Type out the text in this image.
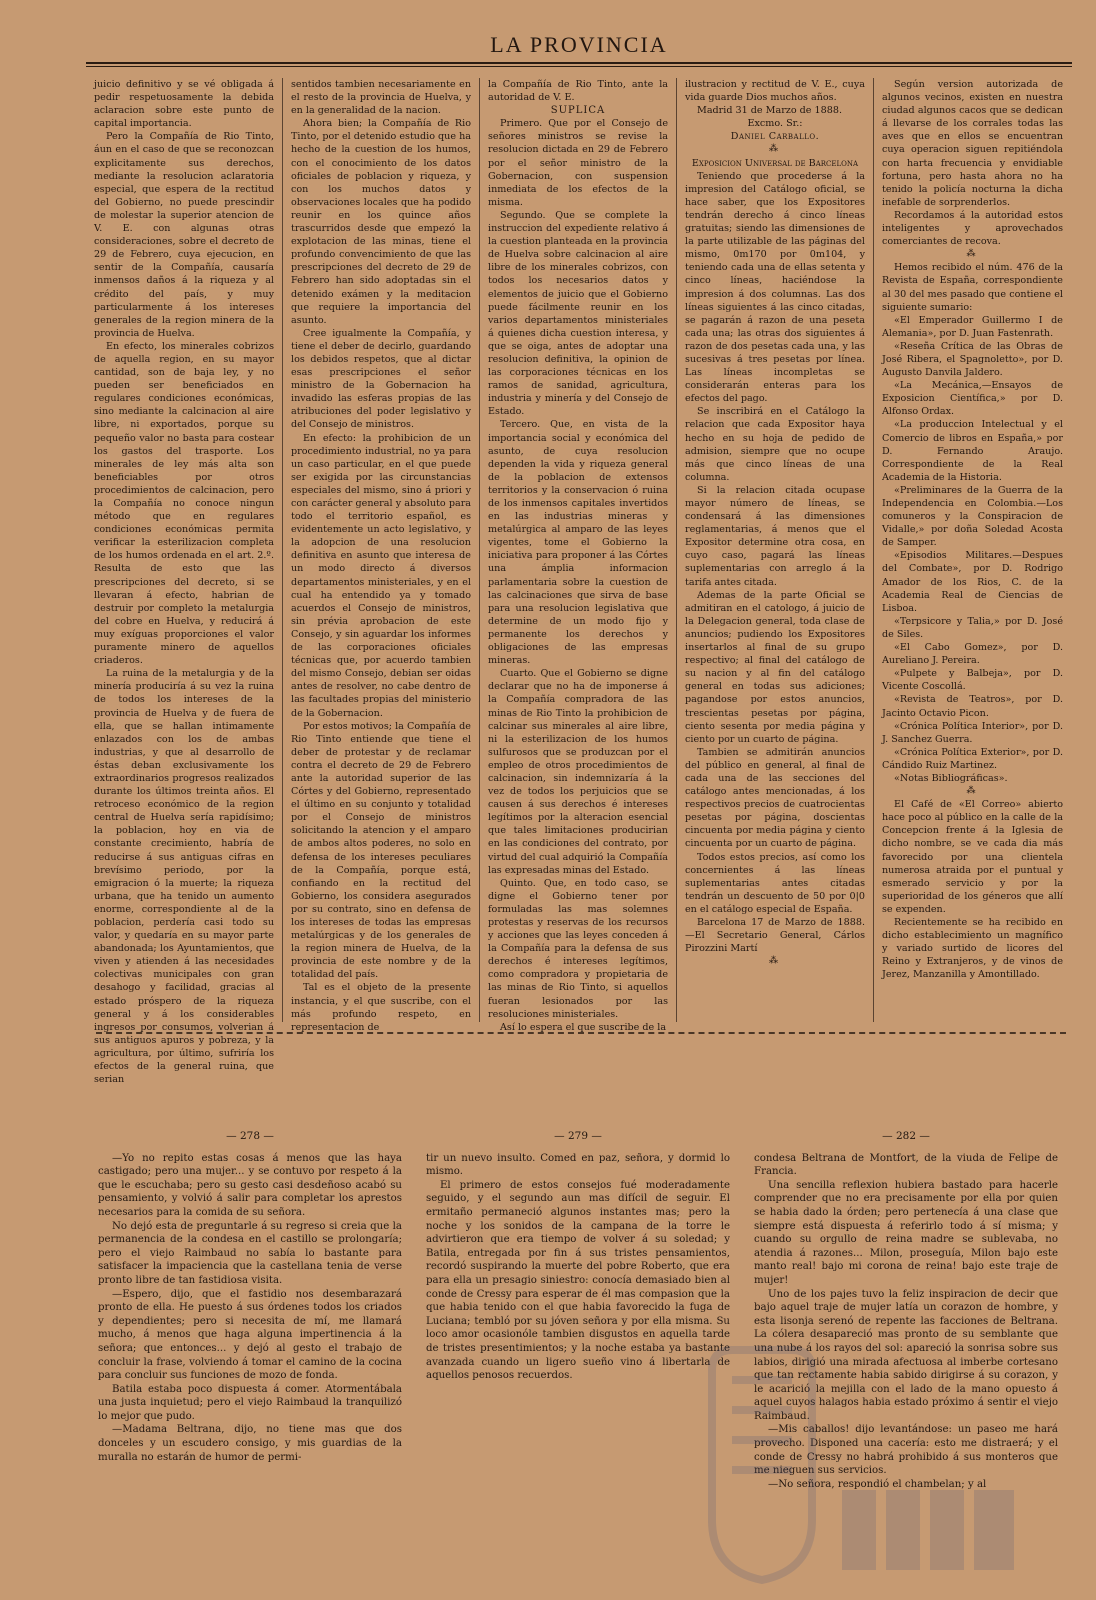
LA PROVINCIA

juicio definitivo y se vé obligada á pedir respetuosamente la debida aclaracion sobre este punto de capital importancia.

Pero la Compañía de Rio Tinto, áun en el caso de que se reconozcan explicitamente sus derechos, mediante la resolucion aclaratoria especial, que espera de la rectitud del Gobierno, no puede prescindir de molestar la superior atencion de V. E. con algunas otras consideraciones, sobre el decreto de 29 de Febrero, cuya ejecucion, en sentir de la Compañía, causaría inmensos daños á la riqueza y al crédito del país, y muy particularmente á los intereses generales de la region minera de la provincia de Huelva.

En efecto, los minerales cobrizos de aquella region, en su mayor cantidad, son de baja ley, y no pueden ser beneficiados en regulares condiciones económicas, sino mediante la calcinacion al aire libre, ni exportados, porque su pequeño valor no basta para costear los gastos del trasporte. Los minerales de ley más alta son beneficiables por otros procedimientos de calcinacion, pero la Compañía no conoce ningun método que en regulares condiciones económicas permita verificar la esterilizacion completa de los humos ordenada en el art. 2.º. Resulta de esto que las prescripciones del decreto, si se llevaran á efecto, habrian de destruir por completo la metalurgia del cobre en Huelva, y reducirá á muy exíguas proporciones el valor puramente minero de aquellos criaderos.

La ruina de la metalurgia y de la minería produciría á su vez la ruina de todos los intereses de la provincia de Huelva y de fuera de ella, que se hallan intimamente enlazados con los de ambas industrias, y que al desarrollo de éstas deban exclusivamente los extraordinarios progresos realizados durante los últimos treinta años. El retroceso económico de la region central de Huelva sería rapidísimo; la poblacion, hoy en via de constante crecimiento, habría de reducirse á sus antiguas cifras en brevísimo periodo, por la emigracion ó la muerte; la riqueza urbana, que ha tenido un aumento enorme, correspondiente al de la poblacion, perdería casi todo su valor, y quedaría en su mayor parte abandonada; los Ayuntamientos, que viven y atienden á las necesidades colectivas municipales con gran desahogo y facilidad, gracias al estado próspero de la riqueza general y á los considerables ingresos por consumos, volverian á sus antiguos apuros y pobreza, y la agricultura, por último, sufriría los efectos de la general ruina, que serian

sentidos tambien necesariamente en el resto de la provincia de Huelva, y en la generalidad de la nacion.

Ahora bien; la Compañía de Rio Tinto, por el detenido estudio que ha hecho de la cuestion de los humos, con el conocimiento de los datos oficiales de poblacion y riqueza, y con los muchos datos y observaciones locales que ha podido reunir en los quince años trascurridos desde que empezó la explotacion de las minas, tiene el profundo convencimiento de que las prescripciones del decreto de 29 de Febrero han sido adoptadas sin el detenido exámen y la meditacion que requiere la importancia del asunto.

Cree igualmente la Compañía, y tiene el deber de decirlo, guardando los debidos respetos, que al dictar esas prescripciones el señor ministro de la Gobernacion ha invadido las esferas propias de las atribuciones del poder legislativo y del Consejo de ministros.

En efecto: la prohibicion de un procedimiento industrial, no ya para un caso particular, en el que puede ser exigida por las circunstancias especiales del mismo, sino á priori y con carácter general y absoluto para todo el territorio español, es evidentemente un acto legislativo, y la adopcion de una resolucion definitiva en asunto que interesa de un modo directo á diversos departamentos ministeriales, y en el cual ha entendido ya y tomado acuerdos el Consejo de ministros, sin prévia aprobacion de este Consejo, y sin aguardar los informes de las corporaciones oficiales técnicas que, por acuerdo tambien del mismo Consejo, debian ser oidas antes de resolver, no cabe dentro de las facultades propias del ministerio de la Gobernacion.

Por estos motivos; la Compañía de Rio Tinto entiende que tiene el deber de protestar y de reclamar contra el decreto de 29 de Febrero ante la autoridad superior de las Córtes y del Gobierno, representado el último en su conjunto y totalidad por el Consejo de ministros solicitando la atencion y el amparo de ambos altos poderes, no solo en defensa de los intereses peculiares de la Compañía, porque está, confiando en la rectitud del Gobierno, los considera asegurados por su contrato, sino en defensa de los intereses de todas las empresas metalúrgicas y de los generales de la region minera de Huelva, de la provincia de este nombre y de la totalidad del país.

Tal es el objeto de la presente instancia, y el que suscribe, con el más profundo respeto, en representacion de

la Compañía de Rio Tinto, ante la autoridad de V. E.

SUPLICA

Primero. Que por el Consejo de señores ministros se revise la resolucion dictada en 29 de Febrero por el señor ministro de la Gobernacion, con suspension inmediata de los efectos de la misma.

Segundo. Que se complete la instruccion del expediente relativo á la cuestion planteada en la provincia de Huelva sobre calcinacion al aire libre de los minerales cobrizos, con todos los necesarios datos y elementos de juicio que el Gobierno puede fácilmente reunir en los varios departamentos ministeriales á quienes dicha cuestion interesa, y que se oiga, antes de adoptar una resolucion definitiva, la opinion de las corporaciones técnicas en los ramos de sanidad, agricultura, industria y minería y del Consejo de Estado.

Tercero. Que, en vista de la importancia social y económica del asunto, de cuya resolucion dependen la vida y riqueza general de la poblacion de extensos territorios y la conservacion ó ruina de los inmensos capitales invertidos en las industrias mineras y metalúrgica al amparo de las leyes vigentes, tome el Gobierno la iniciativa para proponer á las Córtes una ámplia informacion parlamentaria sobre la cuestion de las calcinaciones que sirva de base para una resolucion legislativa que determine de un modo fijo y permanente los derechos y obligaciones de las empresas mineras.

Cuarto. Que el Gobierno se digne declarar que no ha de imponerse á la Compañía compradora de las minas de Rio Tinto la prohibicion de calcinar sus minerales al aire libre, ni la esterilizacion de los humos sulfurosos que se produzcan por el empleo de otros procedimientos de calcinacion, sin indemnizaría á la vez de todos los perjuicios que se causen á sus derechos é intereses legítimos por la alteracion esencial que tales limitaciones producirian en las condiciones del contrato, por virtud del cual adquirió la Compañía las expresadas minas del Estado.

Quinto. Que, en todo caso, se digne el Gobierno tener por formuladas las mas solemnes protestas y reservas de los recursos y acciones que las leyes conceden á la Compañía para la defensa de sus derechos é intereses legítimos, como compradora y propietaria de las minas de Rio Tinto, si aquellos fueran lesionados por las resoluciones ministeriales.

Así lo espera el que suscribe de la

ilustracion y rectitud de V. E., cuya vida guarde Dios muchos años.

Madrid 31 de Marzo de 1888.

Excmo. Sr.:
Daniel Carballo.
⁂
Exposicion Universal de Barcelona

Teniendo que procederse á la impresion del Catálogo oficial, se hace saber, que los Expositores tendrán derecho á cinco líneas gratuitas; siendo las dimensiones de la parte utilizable de las páginas del mismo, 0m170 por 0m104, y teniendo cada una de ellas setenta y cinco líneas, haciéndose la impresion á dos columnas. Las dos líneas siguientes á las cinco citadas, se pagarán á razon de una peseta cada una; las otras dos siguientes á razon de dos pesetas cada una, y las sucesivas á tres pesetas por línea. Las líneas incompletas se considerarán enteras para los efectos del pago.

Se inscribirá en el Catálogo la relacion que cada Expositor haya hecho en su hoja de pedido de admision, siempre que no ocupe más que cinco líneas de una columna.

Si la relacion citada ocupase mayor número de líneas, se condensará á las dimensiones reglamentarias, á menos que el Expositor determine otra cosa, en cuyo caso, pagará las líneas suplementarias con arreglo á la tarifa antes citada.

Ademas de la parte Oficial se admitiran en el catologo, á juicio de la Delegacion general, toda clase de anuncios; pudiendo los Expositores insertarlos al final de su grupo respectivo; al final del catálogo de su nacion y al fin del catálogo general en todas sus adiciones; pagandose por estos anuncios, trescientas pesetas por página, ciento sesenta por media página y ciento por un cuarto de página.

Tambien se admitirán anuncios del público en general, al final de cada una de las secciones del catálogo antes mencionadas, á los respectivos precios de cuatrocientas pesetas por página, doscientas cincuenta por media página y ciento cincuenta por un cuarto de página.

Todos estos precios, así como los concernientes á las líneas suplementarias antes citadas tendrán un descuento de 50 por 0|0 en el catálogo especial de España.

Barcelona 17 de Marzo de 1888.—El Secretario General, Cárlos Pirozzini Martí

⁂

Según version autorizada de algunos vecinos, existen en nuestra ciudad algunos cacos que se dedican á llevarse de los corrales todas las aves que en ellos se encuentran cuya operacion siguen repitiéndola con harta frecuencia y envidiable fortuna, pero hasta ahora no ha tenido la policía nocturna la dicha inefable de sorprenderlos.

Recordamos á la autoridad estos inteligentes y aprovechados comerciantes de recova.

⁂

Hemos recibido el núm. 476 de la Revista de España, correspondiente al 30 del mes pasado que contiene el siguiente sumario:

«El Emperador Guillermo I de Alemania», por D. Juan Fastenrath.

«Reseña Crítica de las Obras de José Ribera, el Spagnoletto», por D. Augusto Danvila Jaldero.

«La Mecánica,—Ensayos de Exposicion Científica,» por D. Alfonso Ordax.

«La produccion Intelectual y el Comercio de libros en España,» por D. Fernando Araujo. Correspondiente de la Real Academia de la Historia.

«Preliminares de la Guerra de la Independencia en Colombia.—Los comuneros y la Conspiracion de Vidalle,» por doña Soledad Acosta de Samper.

«Episodios Militares.—Despues del Combate», por D. Rodrigo Amador de los Rios, C. de la Academia Real de Ciencias de Lisboa.

«Terpsicore y Talia,» por D. José de Siles.

«El Cabo Gomez», por D. Aureliano J. Pereira.

«Pulpete y Balbeja», por D. Vicente Coscollá.

«Revista de Teatros», por D. Jacinto Octavio Picon.

«Crónica Política Interior», por D. J. Sanchez Guerra.

«Crónica Política Exterior», por D. Cándido Ruiz Martinez.

«Notas Bibliográficas».

⁂

El Café de «El Correo» abierto hace poco al público en la calle de la Concepcion frente á la Iglesia de dicho nombre, se ve cada dia más favorecido por una clientela numerosa atraida por el puntual y esmerado servicio y por la superioridad de los géneros que allí se expenden.

Recientemente se ha recibido en dicho establecimiento un magnífico y variado surtido de licores del Reino y Extranjeros, y de vinos de Jerez, Manzanilla y Amontillado.

— 278 —

—Yo no repito estas cosas á menos que las haya castigado; pero una mujer... y se contuvo por respeto á la que le escuchaba; pero su gesto casi desdeñoso acabó su pensamiento, y volvió á salir para completar los aprestos necesarios para la comida de su señora.

No dejó esta de preguntarle á su regreso si creia que la permanencia de la condesa en el castillo se prolongaría; pero el viejo Raimbaud no sabía lo bastante para satisfacer la impaciencia que la castellana tenia de verse pronto libre de tan fastidiosa visita.

—Espero, dijo, que el fastidio nos desembarazará pronto de ella. He puesto á sus órdenes todos los criados y dependientes; pero si necesita de mí, me llamará mucho, á menos que haga alguna impertinencia á la señora; que entonces... y dejó al gesto el trabajo de concluir la frase, volviendo á tomar el camino de la cocina para concluir sus funciones de mozo de fonda.

Batila estaba poco dispuesta á comer. Atormentábala una justa inquietud; pero el viejo Raimbaud la tranquilizó lo mejor que pudo.

—Madama Beltrana, dijo, no tiene mas que dos donceles y un escudero consigo, y mis guardias de la muralla no estarán de humor de permi-

— 279 —

tir un nuevo insulto. Comed en paz, señora, y dormid lo mismo.

El primero de estos consejos fué moderadamente seguido, y el segundo aun mas difícil de seguir. El ermitaño permaneció algunos instantes mas; pero la noche y los sonidos de la campana de la torre le advirtieron que era tiempo de volver á su soledad; y Batila, entregada por fin á sus tristes pensamientos, recordó suspirando la muerte del pobre Roberto, que era para ella un presagio siniestro: conocía demasiado bien al conde de Cressy para esperar de él mas compasion que la que habia tenido con el que habia favorecido la fuga de Luciana; tembló por su jóven señora y por ella misma. Su loco amor ocasionóle tambien disgustos en aquella tarde de tristes presentimientos; y la noche estaba ya bastante avanzada cuando un ligero sueño vino á libertarla de aquellos penosos recuerdos.

— 282 —

condesa Beltrana de Montfort, de la viuda de Felipe de Francia.

Una sencilla reflexion hubiera bastado para hacerle comprender que no era precisamente por ella por quien se habia dado la órden; pero pertenecía á una clase que siempre está dispuesta á referirlo todo á sí misma; y cuando su orgullo de reina madre se sublevaba, no atendia á razones... Milon, proseguía, Milon bajo este manto real! bajo mi corona de reina! bajo este traje de mujer!

Uno de los pajes tuvo la feliz inspiracion de decir que bajo aquel traje de mujer latía un corazon de hombre, y esta lisonja serenó de repente las facciones de Beltrana. La cólera desapareció mas pronto de su semblante que una nube á los rayos del sol: apareció la sonrisa sobre sus labios, dirigió una mirada afectuosa al imberbe cortesano que tan rectamente habia sabido dirigirse á su corazon, y le acarició la mejilla con el lado de la mano opuesto á aquel cuyos halagos habia estado próximo á sentir el viejo Raimbaud.

—Mis caballos! dijo levantándose: un paseo me hará provecho. Disponed una cacería: esto me distraerá; y el conde de Cressy no habrá prohibido á sus monteros que me nieguen sus servicios.

—No señora, respondió el chambelan; y al
